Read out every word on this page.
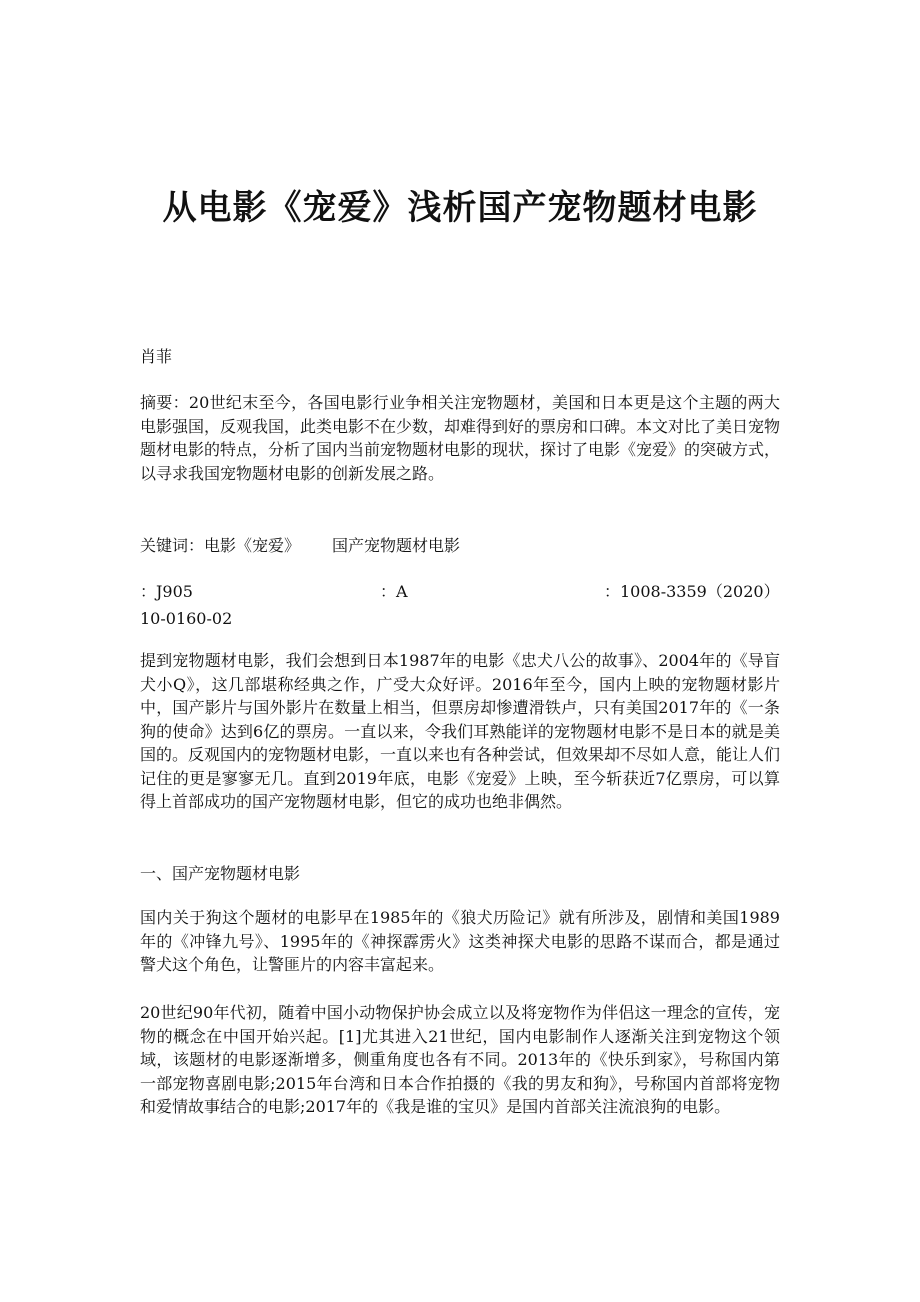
从电影《宠爱》浅析国产宠物题材电影

肖菲

摘要：20世纪末至今，各国电影行业争相关注宠物题材，美国和日本更是这个主题的两大电影强国，反观我国，此类电影不在少数，却难得到好的票房和口碑。本文对比了美日宠物题材电影的特点，分析了国内当前宠物题材电影的现状，探讨了电影《宠爱》的突破方式，以寻求我国宠物题材电影的创新发展之路。

关键词：电影《宠爱》 国产宠物题材电影

：J905	：A	：1008-3359（2020）
10-0160-02

提到宠物题材电影，我们会想到日本1987年的电影《忠犬八公的故事》、2004年的《导盲犬小Q》，这几部堪称经典之作，广受大众好评。2016年至今，国内上映的宠物题材影片中，国产影片与国外影片在数量上相当，但票房却惨遭滑铁卢，只有美国2017年的《一条狗的使命》达到6亿的票房。一直以来，令我们耳熟能详的宠物题材电影不是日本的就是美国的。反观国内的宠物题材电影，一直以来也有各种尝试，但效果却不尽如人意，能让人们记住的更是寥寥无几。直到2019年底，电影《宠爱》上映，至今斩获近7亿票房，可以算得上首部成功的国产宠物题材电影，但它的成功也绝非偶然。

一、国产宠物题材电影

国内关于狗这个题材的电影早在1985年的《狼犬历险记》就有所涉及，剧情和美国1989年的《冲锋九号》、1995年的《神探霹雳火》这类神探犬电影的思路不谋而合，都是通过警犬这个角色，让警匪片的内容丰富起来。

20世纪90年代初，随着中国小动物保护协会成立以及将宠物作为伴侣这一理念的宣传，宠物的概念在中国开始兴起。[1]尤其进入21世纪，国内电影制作人逐渐关注到宠物这个领域，该题材的电影逐渐增多，侧重角度也各有不同。2013年的《快乐到家》，号称国内第一部宠物喜剧电影;2015年台湾和日本合作拍摄的《我的男友和狗》，号称国内首部将宠物和爱情故事结合的电影;2017年的《我是谁的宝贝》是国内首部关注流浪狗的电影。
